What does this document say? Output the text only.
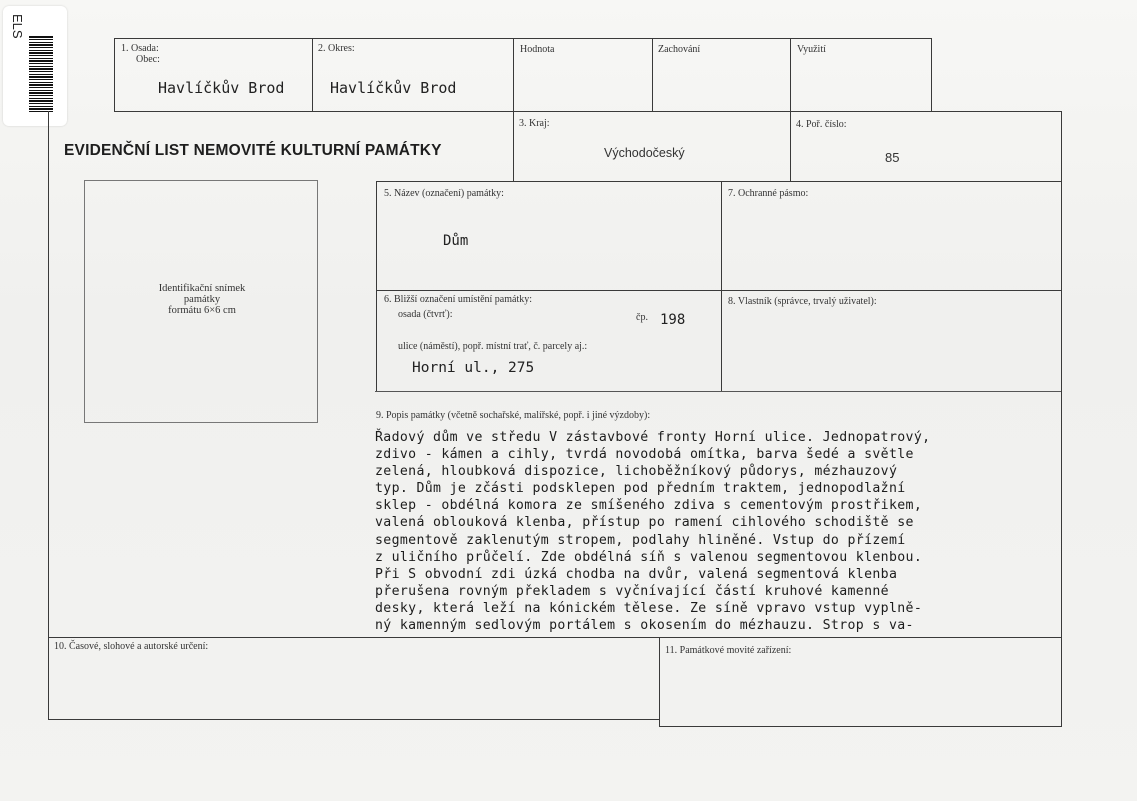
ELS
1. Osada:
Obec:
Havlíčkův Brod
2. Okres:
Havlíčkův Brod
Hodnota	Zachování	Využití
EVIDENČNÍ LIST NEMOVITÉ KULTURNÍ PAMÁTKY
3. Kraj:
Východočeský
4. Poř. číslo:
85
Identifikační snímek
památky
formátu 6×6 cm
5. Název (označení) památky:
Dům
7. Ochranné pásmo:
6. Bližší označení umístění památky:
osada (čtvrť):	čp. 198
ulice (náměstí), popř. místní trať, č. parcely aj.:
Horní ul., 275
8. Vlastník (správce, trvalý uživatel):
9. Popis památky (včetně sochařské, malířské, popř. i jiné výzdoby):
Řadový dům ve středu V zástavbové fronty Horní ulice. Jednopatrový,
zdivo - kámen a cihly, tvrdá novodobá omítka, barva šedé a světle
zelená, hloubková dispozice, lichoběžníkový půdorys, mézhauzový
typ. Dům je zčásti podsklepen pod předním traktem, jednopodlažní
sklep - obdélná komora ze smíšeného zdiva s cementovým prostřikem,
valená oblouková klenba, přístup po ramení cihlového schodiště se
segmentově zaklenutým stropem, podlahy hliněné. Vstup do přízemí
z uličního průčelí. Zde obdélná síň s valenou segmentovou klenbou.
Při S obvodní zdi úzká chodba na dvůr, valená segmentová klenba
přerušena rovným překladem s vyčnívající částí kruhové kamenné
desky, která leží na kónickém tělese. Ze síně vpravo vstup vyplně-
ný kamenným sedlovým portálem s okosením do mézhauzu. Strop s va-
10. Časové, slohové a autorské určení:	11. Památkové movité zařízení:
